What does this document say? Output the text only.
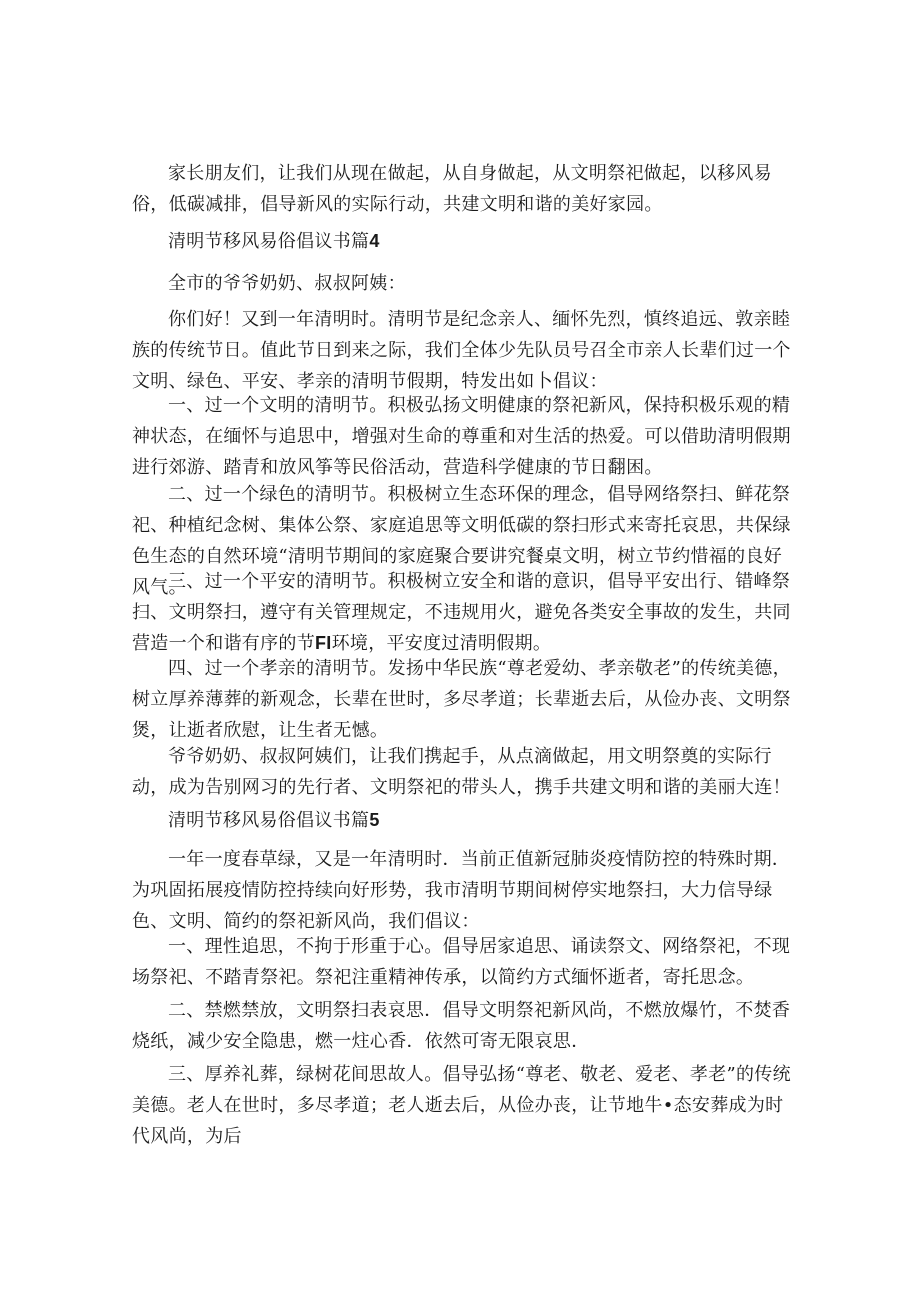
家长朋友们，让我们从现在做起，从自身做起，从文明祭祀做起，以移风易俗，低碳减排，倡导新风的实际行动，共建文明和谐的美好家园。

清明节移风易俗倡议书篇4

全市的爷爷奶奶、叔叔阿姨：

你们好！又到一年清明时。清明节是纪念亲人、缅怀先烈，慎终追远、敦亲睦族的传统节日。值此节日到来之际，我们全体少先队员号召全市亲人长辈们过一个文明、绿色、平安、孝亲的清明节假期，特发出如卜倡议：

一、过一个文明的清明节。积极弘扬文明健康的祭祀新风，保持积极乐观的精神状态，在缅怀与追思中，增强对生命的尊重和对生活的热爱。可以借助清明假期进行郊游、踏青和放风筝等民俗活动，营造科学健康的节日翻困。

二、过一个绿色的清明节。积极树立生态环保的理念，倡导网络祭扫、鲜花祭祀、种植纪念树、集体公祭、家庭追思等文明低碳的祭扫形式来寄托哀思，共保绿色生态的自然环境“清明节期间的家庭聚合要讲究餐桌文明，树立节约惜福的良好风气。

三、过一个平安的清明节。积极树立安全和谐的意识，倡导平安出行、错峰祭扫、文明祭扫，遵守有关管理规定，不违规用火，避免各类安全事故的发生，共同营造一个和谐有序的节FI环境，平安度过清明假期。

四、过一个孝亲的清明节。发扬中华民族“尊老爱幼、孝亲敬老”的传统美德，树立厚养薄葬的新观念，长辈在世时，多尽孝道；长辈逝去后，从俭办丧、文明祭煲，让逝者欣慰，让生者无憾。

爷爷奶奶、叔叔阿姨们，让我们携起手，从点滴做起，用文明祭奠的实际行动，成为告别网习的先行者、文明祭祀的带头人，携手共建文明和谐的美丽大连！

清明节移风易俗倡议书篇5

一年一度春草绿，又是一年清明时．当前正值新冠肺炎疫情防控的特殊时期．为巩固拓展疫情防控持续向好形势，我市清明节期间树停实地祭扫，大力信导绿色、文明、简约的祭祀新风尚，我们倡议：

一、理性追思，不拘于形重于心。倡导居家追思、诵读祭文、网络祭祀，不现场祭祀、不踏青祭祀。祭祀注重精神传承，以简约方式缅怀逝者，寄托思念。

二、禁燃禁放，文明祭扫表哀思．倡导文明祭祀新风尚，不燃放爆竹，不焚香烧纸，减少安全隐患，燃一炷心香．依然可寄无限哀思．

三、厚养礼葬，绿树花间思故人。倡导弘扬“尊老、敬老、爱老、孝老”的传统美德。老人在世时，多尽孝道；老人逝去后，从俭办丧，让节地牛•态安葬成为时代风尚，为后
